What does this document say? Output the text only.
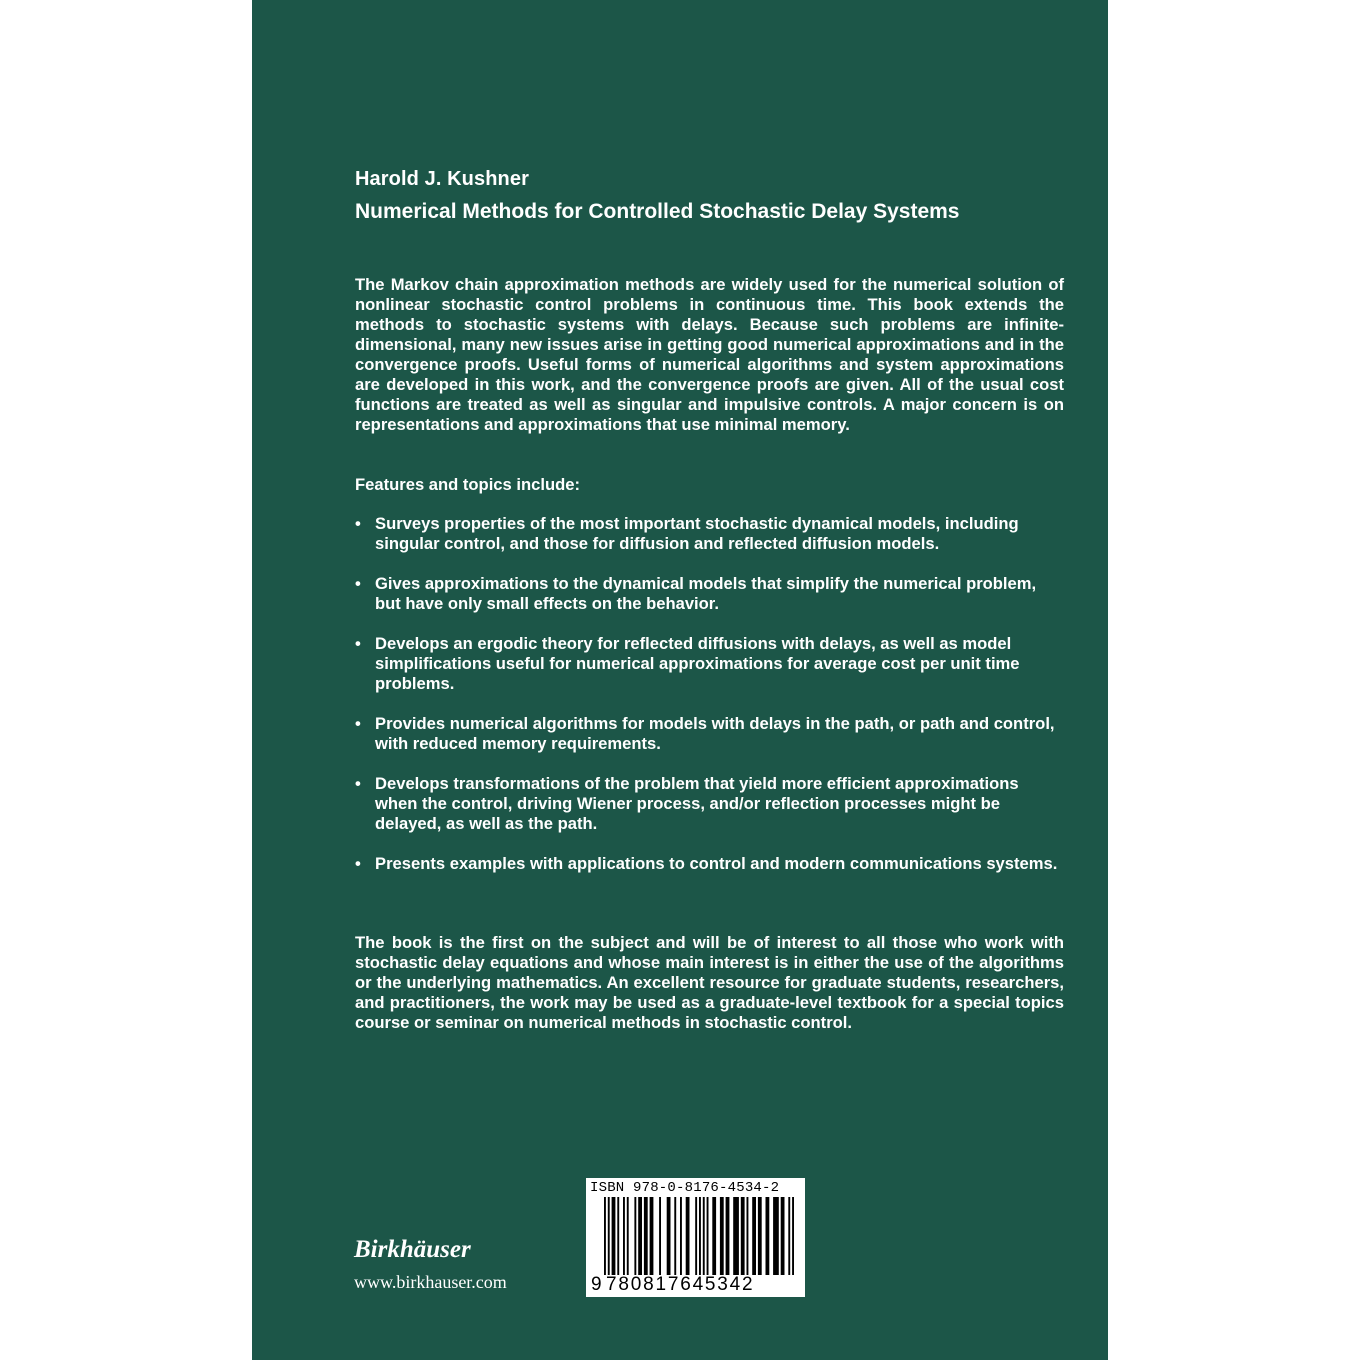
Harold J. Kushner
Numerical Methods for Controlled Stochastic Delay Systems
The Markov chain approximation methods are widely used for the numerical solution of nonlinear stochastic control problems in continuous time. This book extends the methods to stochastic systems with delays. Because such problems are infinite-dimensional, many new issues arise in getting good numerical approximations and in the convergence proofs. Useful forms of numerical algorithms and system approximations are developed in this work, and the convergence proofs are given. All of the usual cost functions are treated as well as singular and impulsive controls. A major concern is on representations and approximations that use minimal memory.
Features and topics include:
• Surveys properties of the most important stochastic dynamical models, including singular control, and those for diffusion and reflected diffusion models.
• Gives approximations to the dynamical models that simplify the numerical problem, but have only small effects on the behavior.
• Develops an ergodic theory for reflected diffusions with delays, as well as model simplifications useful for numerical approximations for average cost per unit time problems.
• Provides numerical algorithms for models with delays in the path, or path and control, with reduced memory requirements.
• Develops transformations of the problem that yield more efficient approximations when the control, driving Wiener process, and/or reflection processes might be delayed, as well as the path.
• Presents examples with applications to control and modern communications systems.
The book is the first on the subject and will be of interest to all those who work with stochastic delay equations and whose main interest is in either the use of the algorithms or the underlying mathematics. An excellent resource for graduate students, researchers, and practitioners, the work may be used as a graduate-level textbook for a special topics course or seminar on numerical methods in stochastic control.
Birkhäuser
www.birkhauser.com
ISBN 978-0-8176-4534-2
9 780817645342
